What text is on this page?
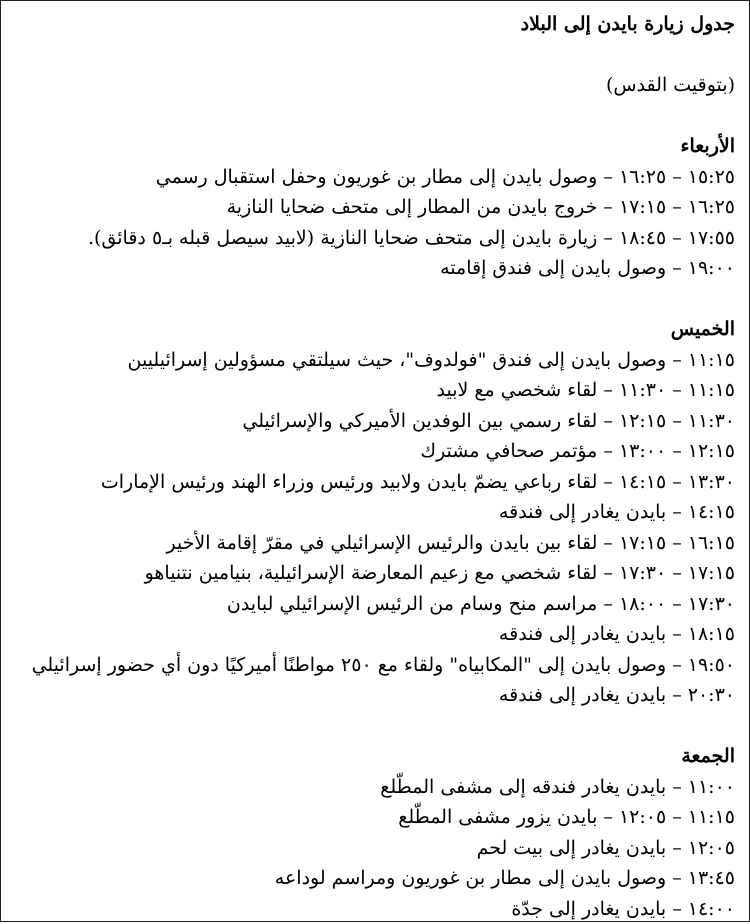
جدول زيارة بايدن إلى البلاد
(بتوقيت القدس)
الأربعاء
١٥:٢٥ – ١٦:٢٥ – وصول بايدن إلى مطار بن غوريون وحفل استقبال رسمي
١٦:٢٥ – ١٧:١٥ – خروج بايدن من المطار إلى متحف ضحايا النازية
١٧:٥٥ – ١٨:٤٥ – زيارة بايدن إلى متحف ضحايا النازية (لابيد سيصل قبله بـ٥ دقائق).
١٩:٠٠ – وصول بايدن إلى فندق إقامته
الخميس
١١:١٥ – وصول بايدن إلى فندق "فولدوف"، حيث سيلتقي مسؤولين إسرائيليين
١١:١٥ – ١١:٣٠ – لقاء شخصي مع لابيد
١١:٣٠ – ١٢:١٥ – لقاء رسمي بين الوفدين الأميركي والإسرائيلي
١٢:١٥ – ١٣:٠٠ – مؤتمر صحافي مشترك
١٣:٣٠ – ١٤:١٥ – لقاء رباعي يضمّ بايدن ولابيد ورئيس وزراء الهند ورئيس الإمارات
١٤:١٥ – بايدن يغادر إلى فندقه
١٦:١٥ – ١٧:١٥ – لقاء بين بايدن والرئيس الإسرائيلي في مقرّ إقامة الأخير
١٧:١٥ – ١٧:٣٠ – لقاء شخصي مع زعيم المعارضة الإسرائيلية، بنيامين نتنياهو
١٧:٣٠ – ١٨:٠٠ – مراسم منح وسام من الرئيس الإسرائيلي لبايدن
١٨:١٥ – بايدن يغادر إلى فندقه
١٩:٥٠ – وصول بايدن إلى "المكابياه" ولقاء مع ٢٥٠ مواطنًا أميركيًا دون أي حضور إسرائيلي
٢٠:٣٠ – بايدن يغادر إلى فندقه
الجمعة
١١:٠٠ – بايدن يغادر فندقه إلى مشفى المطّلع
١١:١٥ – ١٢:٠٥ – بايدن يزور مشفى المطّلع
١٢:٠٥ – بايدن يغادر إلى بيت لحم
١٣:٤٥ – وصول بايدن إلى مطار بن غوريون ومراسم لوداعه
١٤:٠٠ – بايدن يغادر إلى جدّة
